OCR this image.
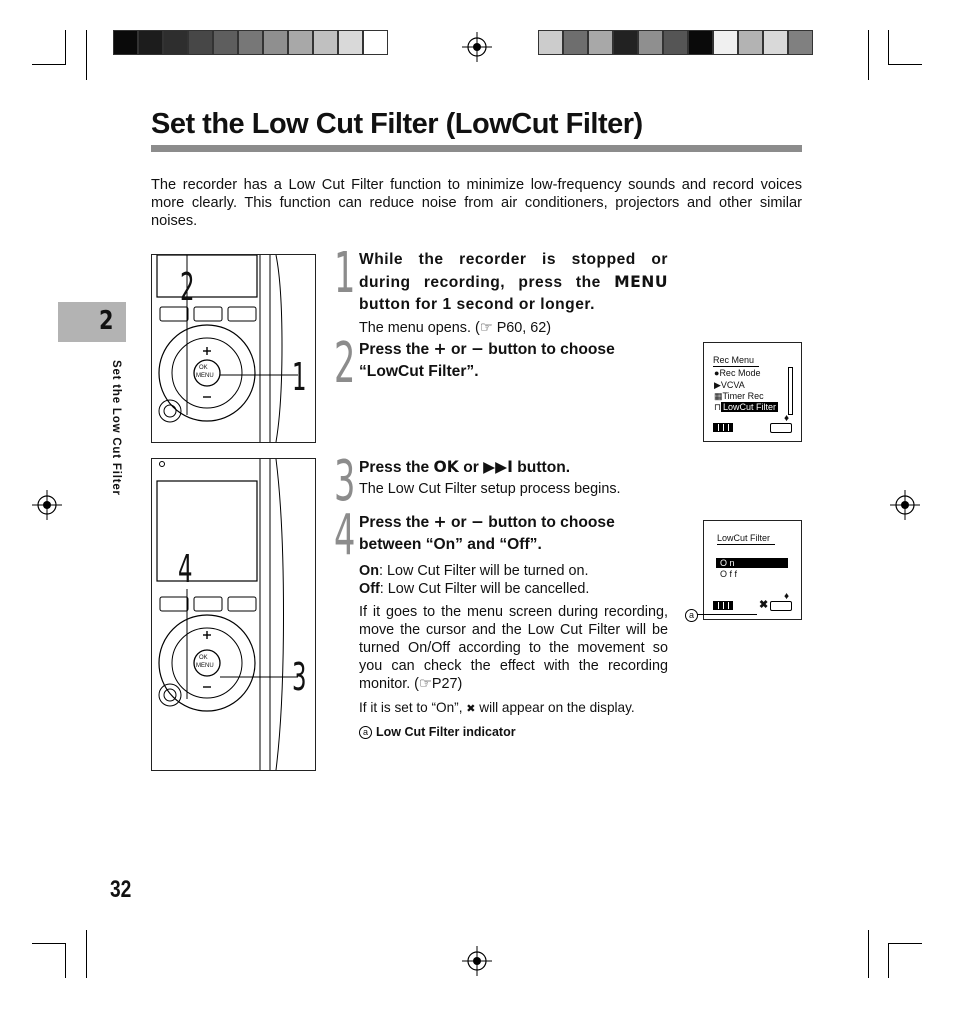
Set the Low Cut Filter (LowCut Filter)
The recorder has a Low Cut Filter function to minimize low-frequency sounds and record voices more clearly. This function can reduce noise from air conditioners, projectors and other similar noises.
2
Set the Low Cut Filter
32
2
1
OK
MENU
4
3
OK
MENU
1
2
3
4
While the recorder is stopped or during recording, press the MENU button for 1 second or longer.
The menu opens. (☞ P60, 62)
Press the + or − button to choose “LowCut Filter”.
Rec Menu
●Rec Mode
▶VCVA
▦Timer Rec
⊓ LowCut Filter
♦
Press the OK or ▶▶I button.
The Low Cut Filter setup process begins.
Press the + or − button to choose between “On” and “Off”.
On: Low Cut Filter will be turned on.
Off: Low Cut Filter will be cancelled.
If it goes to the menu screen during recording, move the cursor and the Low Cut Filter will be turned On/Off according to the movement so you can check the effect with the recording monitor. (☞P27)
If it is set to “On”, ✖ will appear on the display.
a Low Cut Filter indicator
LowCut Filter
O n
O f f
✖
♦
a
